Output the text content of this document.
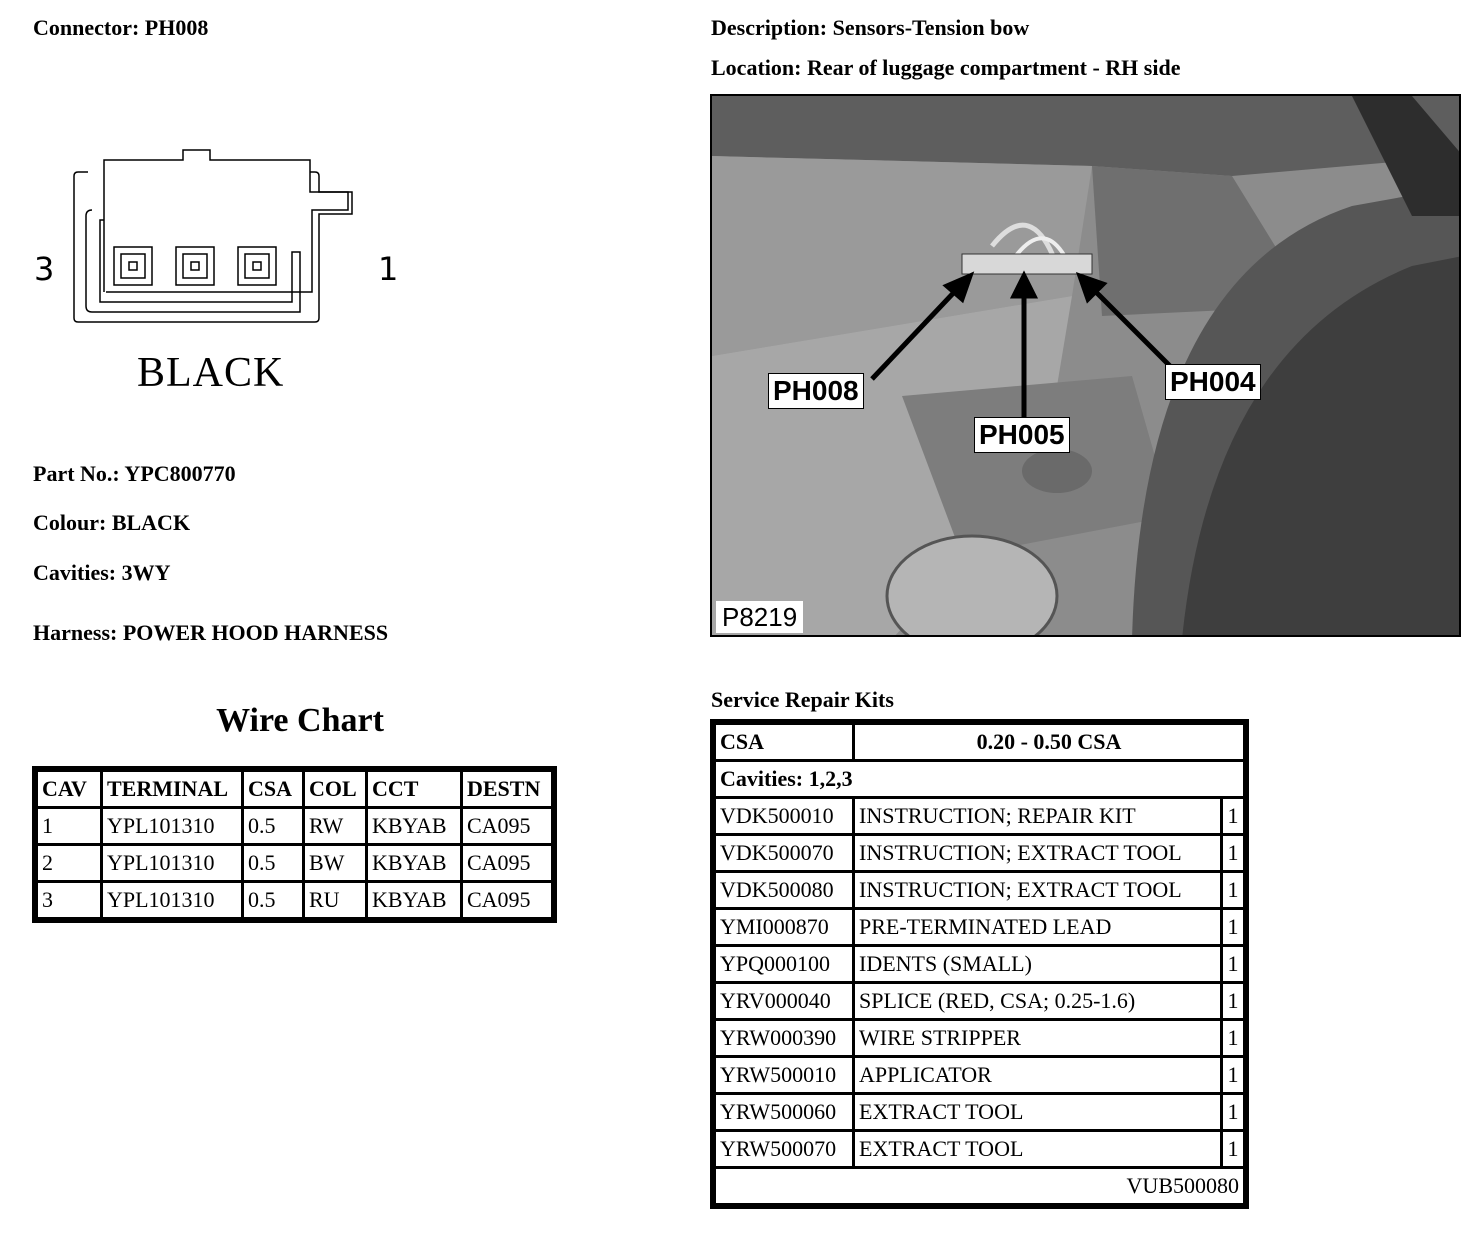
Connector: PH008	Description: Sensors-Tension bow
Location: Rear of luggage compartment - RH side
3	1
BLACK
Part No.: YPC800770
Colour: BLACK
Cavities: 3WY
Harness: POWER HOOD HARNESS
Wire Chart
CAV	TERMINAL	CSA	COL	CCT	DESTN
1	YPL101310	0.5	RW	KBYAB	CA095
2	YPL101310	0.5	BW	KBYAB	CA095
3	YPL101310	0.5	RU	KBYAB	CA095
PH008
PH005
PH004
P8219
Service Repair Kits
CSA	0.20 - 0.50 CSA	
Cavities: 1,2,3		
VDK500010	INSTRUCTION; REPAIR KIT	1
VDK500070	INSTRUCTION; EXTRACT TOOL	1
VDK500080	INSTRUCTION; EXTRACT TOOL	1
YMI000870	PRE-TERMINATED LEAD	1
YPQ000100	IDENTS (SMALL)	1
YRV000040	SPLICE (RED, CSA; 0.25-1.6)	1
YRW000390	WIRE STRIPPER	1
YRW500010	APPLICATOR	1
YRW500060	EXTRACT TOOL	1
YRW500070	EXTRACT TOOL	1
VUB500080		
